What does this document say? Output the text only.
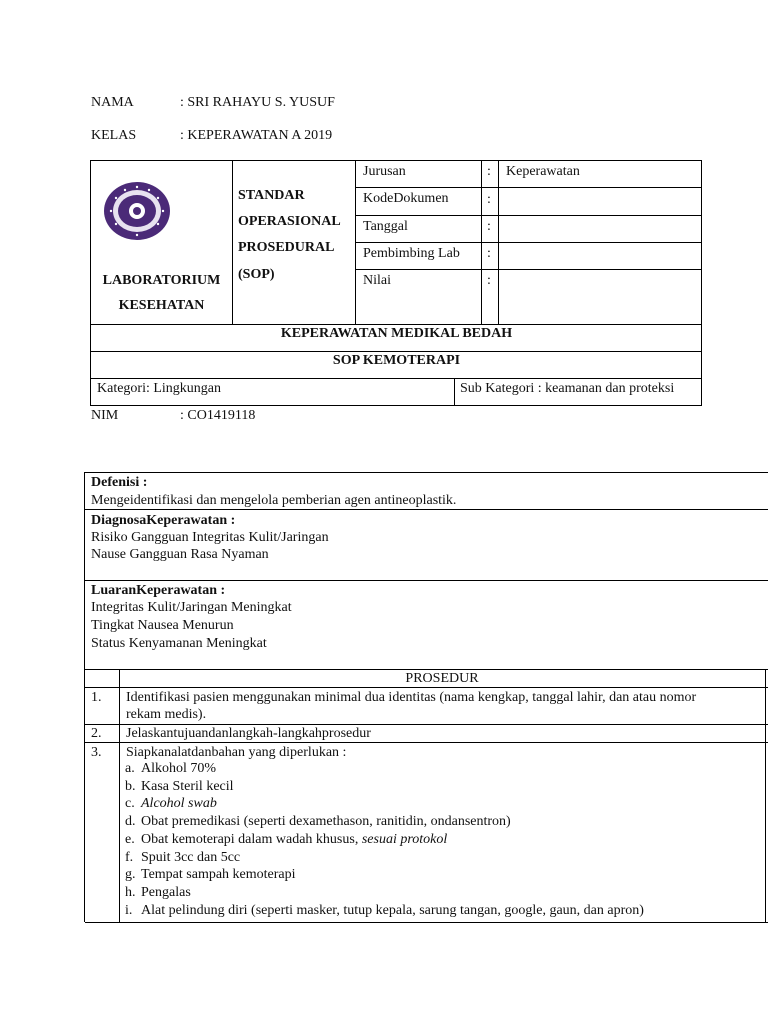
NAMA	: SRI RAHAYU S. YUSUF
KELAS	: KEPERAWATAN A 2019
LABORATORIUM
KESEHATAN
STANDAR
OPERASIONAL
PROSEDURAL
(SOP)
Jurusan	: Keperawatan
KodeDokumen	:
Tanggal	:
Pembimbing Lab :
Nilai	:
KEPERAWATAN MEDIKAL BEDAH
SOP KEMOTERAPI
Kategori: Lingkungan	Sub Kategori : keamanan dan proteksi
NIM	: CO1419118
Defenisi :
Mengeidentifikasi dan mengelola pemberian agen antineoplastik.
DiagnosaKeperawatan :
Risiko Gangguan Integritas Kulit/Jaringan
Nause Gangguan Rasa Nyaman
LuaranKeperawatan :
Integritas Kulit/Jaringan Meningkat
Tingkat Nausea Menurun
Status Kenyamanan Meningkat
PROSEDUR
1. Identifikasi pasien menggunakan minimal dua identitas (nama kengkap, tanggal lahir, dan atau nomor
rekam medis).
2. Jelaskantujuandanlangkah-langkahprosedur
3. Siapkanalatdanbahan yang diperlukan :
a. Alkohol 70%
b. Kasa Steril kecil
c. Alcohol swab
d. Obat premedikasi (seperti dexamethason, ranitidin, ondansentron)
e. Obat kemoterapi dalam wadah khusus, sesuai protokol
f. Spuit 3cc dan 5cc
g. Tempat sampah kemoterapi
h. Pengalas
i. Alat pelindung diri (seperti masker, tutup kepala, sarung tangan, google, gaun, dan apron)
